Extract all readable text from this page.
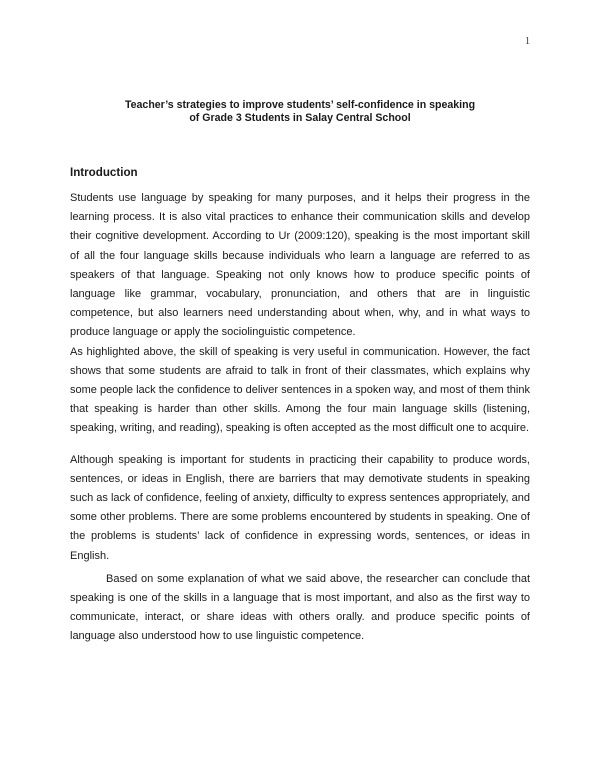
1
Teacher’s strategies to improve students’ self-confidence in speaking
of Grade 3 Students in Salay Central School
Introduction

Students use language by speaking for many purposes, and it helps their progress in the learning process. It is also vital practices to enhance their communication skills and develop their cognitive development. According to Ur (2009:120), speaking is the most important skill of all the four language skills because individuals who learn a language are referred to as speakers of that language. Speaking not only knows how to produce specific points of language like grammar, vocabulary, pronunciation, and others that are in linguistic competence, but also learners need understanding about when, why, and in what ways to produce language or apply the sociolinguistic competence.

As highlighted above, the skill of speaking is very useful in communication. However, the fact shows that some students are afraid to talk in front of their classmates, which explains why some people lack the confidence to deliver sentences in a spoken way, and most of them think that speaking is harder than other skills. Among the four main language skills (listening, speaking, writing, and reading), speaking is often accepted as the most difficult one to acquire.

Although speaking is important for students in practicing their capability to produce words, sentences, or ideas in English, there are barriers that may demotivate students in speaking such as lack of confidence, feeling of anxiety, difficulty to express sentences appropriately, and some other problems. There are some problems encountered by students in speaking. One of the problems is students’ lack of confidence in expressing words, sentences, or ideas in English.

Based on some explanation of what we said above, the researcher can conclude that speaking is one of the skills in a language that is most important, and also as the first way to communicate, interact, or share ideas with others orally. and produce specific points of language also understood how to use linguistic competence.
